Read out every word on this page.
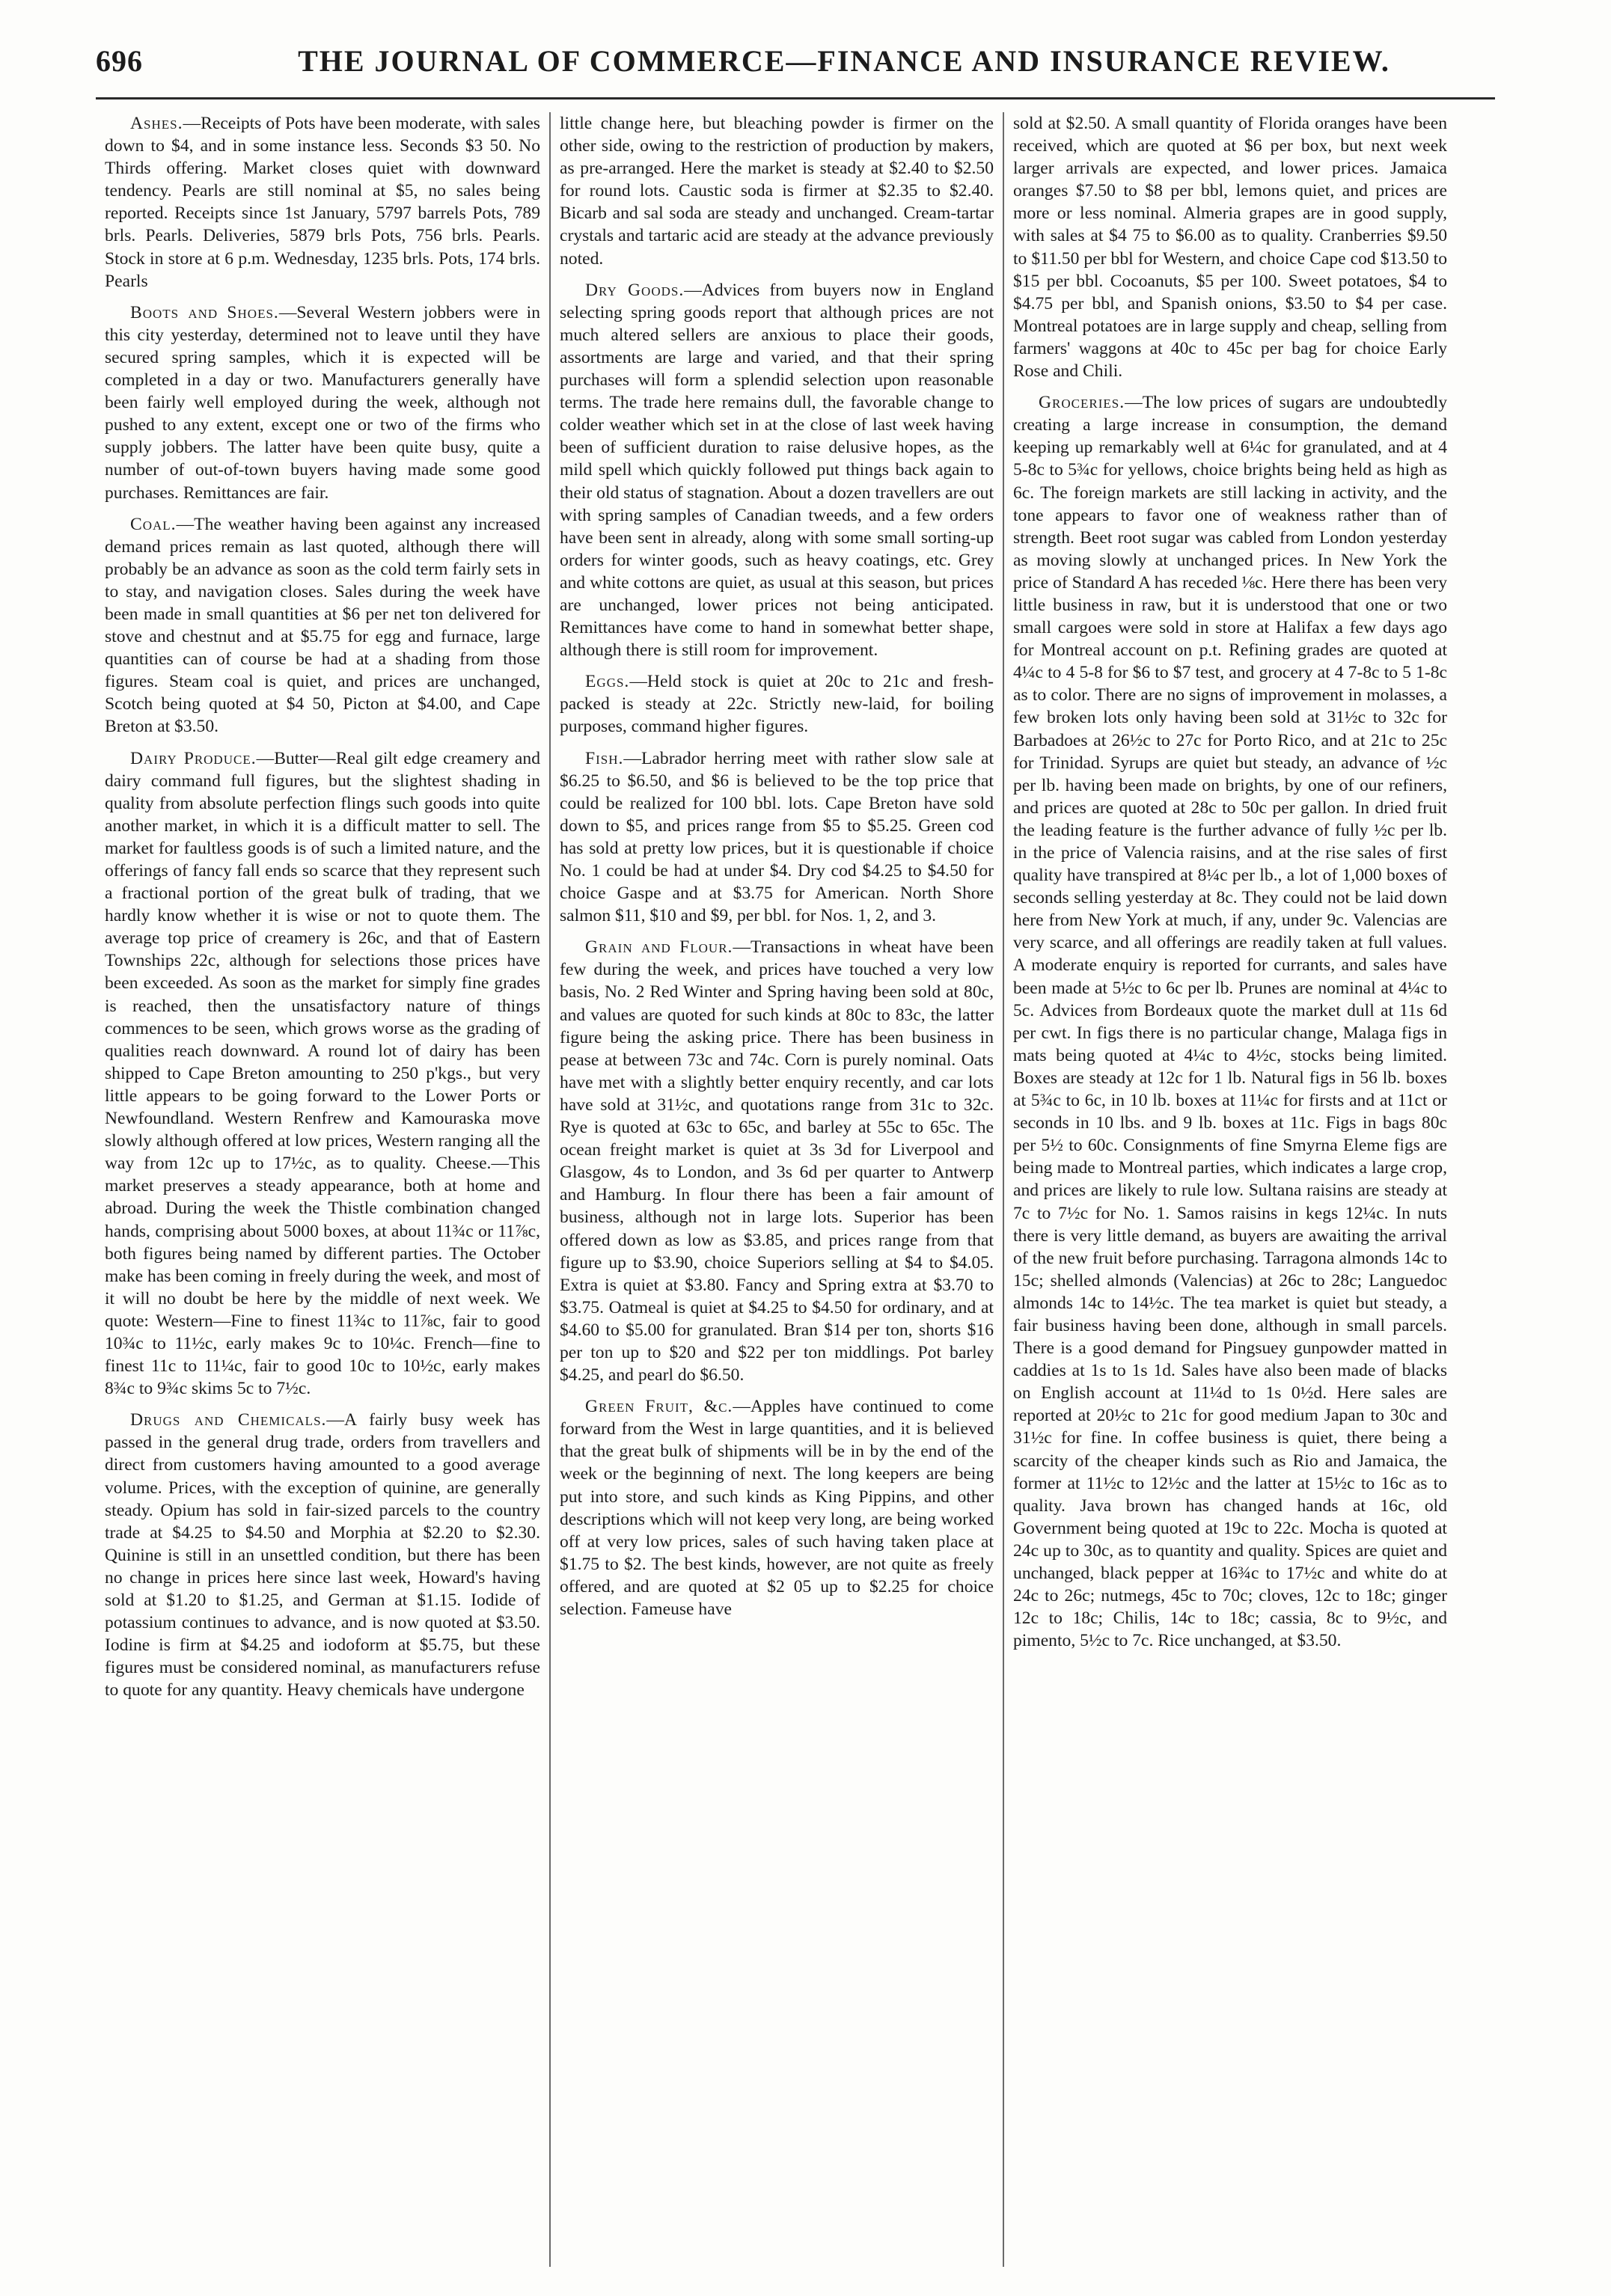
696	THE JOURNAL OF COMMERCE—FINANCE AND INSURANCE REVIEW.

Ashes.—Receipts of Pots have been moderate, with sales down to $4, and in some instance less. Seconds $3 50. No Thirds offering. Market closes quiet with downward tendency. Pearls are still nominal at $5, no sales being reported. Receipts since 1st January, 5797 barrels Pots, 789 brls. Pearls. Deliveries, 5879 brls Pots, 756 brls. Pearls. Stock in store at 6 p.m. Wednesday, 1235 brls. Pots, 174 brls. Pearls

Boots and Shoes.—Several Western jobbers were in this city yesterday, determined not to leave until they have secured spring samples, which it is expected will be completed in a day or two. Manufacturers generally have been fairly well employed during the week, although not pushed to any extent, except one or two of the firms who supply jobbers. The latter have been quite busy, quite a number of out-of-town buyers having made some good purchases. Remittances are fair.

Coal.—The weather having been against any increased demand prices remain as last quoted, although there will probably be an advance as soon as the cold term fairly sets in to stay, and navigation closes. Sales during the week have been made in small quantities at $6 per net ton delivered for stove and chestnut and at $5.75 for egg and furnace, large quantities can of course be had at a shading from those figures. Steam coal is quiet, and prices are unchanged, Scotch being quoted at $4 50, Picton at $4.00, and Cape Breton at $3.50.

Dairy Produce.—Butter—Real gilt edge creamery and dairy command full figures, but the slightest shading in quality from absolute perfection flings such goods into quite another market, in which it is a difficult matter to sell. The market for faultless goods is of such a limited nature, and the offerings of fancy fall ends so scarce that they represent such a fractional portion of the great bulk of trading, that we hardly know whether it is wise or not to quote them. The average top price of creamery is 26c, and that of Eastern Townships 22c, although for selections those prices have been exceeded. As soon as the market for simply fine grades is reached, then the unsatisfactory nature of things commences to be seen, which grows worse as the grading of qualities reach downward. A round lot of dairy has been shipped to Cape Breton amounting to 250 p'kgs., but very little appears to be going forward to the Lower Ports or Newfoundland. Western Renfrew and Kamouraska move slowly although offered at low prices, Western ranging all the way from 12c up to 17½c, as to quality. Cheese.—This market preserves a steady appearance, both at home and abroad. During the week the Thistle combination changed hands, comprising about 5000 boxes, at about 11¾c or 11⅞c, both figures being named by different parties. The October make has been coming in freely during the week, and most of it will no doubt be here by the middle of next week. We quote: Western—Fine to finest 11¾c to 11⅞c, fair to good 10¾c to 11½c, early makes 9c to 10¼c. French—fine to finest 11c to 11¼c, fair to good 10c to 10½c, early makes 8¾c to 9¾c skims 5c to 7½c.

Drugs and Chemicals.—A fairly busy week has passed in the general drug trade, orders from travellers and direct from customers having amounted to a good average volume. Prices, with the exception of quinine, are generally steady. Opium has sold in fair-sized parcels to the country trade at $4.25 to $4.50 and Morphia at $2.20 to $2.30. Quinine is still in an unsettled condition, but there has been no change in prices here since last week, Howard's having sold at $1.20 to $1.25, and German at $1.15. Iodide of potassium continues to advance, and is now quoted at $3.50. Iodine is firm at $4.25 and iodoform at $5.75, but these figures must be considered nominal, as manufacturers refuse to quote for any quantity. Heavy chemicals have undergone

little change here, but bleaching powder is firmer on the other side, owing to the restriction of production by makers, as pre-arranged. Here the market is steady at $2.40 to $2.50 for round lots. Caustic soda is firmer at $2.35 to $2.40. Bicarb and sal soda are steady and unchanged. Cream-tartar crystals and tartaric acid are steady at the advance previously noted.

Dry Goods.—Advices from buyers now in England selecting spring goods report that although prices are not much altered sellers are anxious to place their goods, assortments are large and varied, and that their spring purchases will form a splendid selection upon reasonable terms. The trade here remains dull, the favorable change to colder weather which set in at the close of last week having been of sufficient duration to raise delusive hopes, as the mild spell which quickly followed put things back again to their old status of stagnation. About a dozen travellers are out with spring samples of Canadian tweeds, and a few orders have been sent in already, along with some small sorting-up orders for winter goods, such as heavy coatings, etc. Grey and white cottons are quiet, as usual at this season, but prices are unchanged, lower prices not being anticipated. Remittances have come to hand in somewhat better shape, although there is still room for improvement.

Eggs.—Held stock is quiet at 20c to 21c and fresh-packed is steady at 22c. Strictly new-laid, for boiling purposes, command higher figures.

Fish.—Labrador herring meet with rather slow sale at $6.25 to $6.50, and $6 is believed to be the top price that could be realized for 100 bbl. lots. Cape Breton have sold down to $5, and prices range from $5 to $5.25. Green cod has sold at pretty low prices, but it is questionable if choice No. 1 could be had at under $4. Dry cod $4.25 to $4.50 for choice Gaspe and at $3.75 for American. North Shore salmon $11, $10 and $9, per bbl. for Nos. 1, 2, and 3.

Grain and Flour.—Transactions in wheat have been few during the week, and prices have touched a very low basis, No. 2 Red Winter and Spring having been sold at 80c, and values are quoted for such kinds at 80c to 83c, the latter figure being the asking price. There has been business in pease at between 73c and 74c. Corn is purely nominal. Oats have met with a slightly better enquiry recently, and car lots have sold at 31½c, and quotations range from 31c to 32c. Rye is quoted at 63c to 65c, and barley at 55c to 65c. The ocean freight market is quiet at 3s 3d for Liverpool and Glasgow, 4s to London, and 3s 6d per quarter to Antwerp and Hamburg. In flour there has been a fair amount of business, although not in large lots. Superior has been offered down as low as $3.85, and prices range from that figure up to $3.90, choice Superiors selling at $4 to $4.05. Extra is quiet at $3.80. Fancy and Spring extra at $3.70 to $3.75. Oatmeal is quiet at $4.25 to $4.50 for ordinary, and at $4.60 to $5.00 for granulated. Bran $14 per ton, shorts $16 per ton up to $20 and $22 per ton middlings. Pot barley $4.25, and pearl do $6.50.

Green Fruit, &c.—Apples have continued to come forward from the West in large quantities, and it is believed that the great bulk of shipments will be in by the end of the week or the beginning of next. The long keepers are being put into store, and such kinds as King Pippins, and other descriptions which will not keep very long, are being worked off at very low prices, sales of such having taken place at $1.75 to $2. The best kinds, however, are not quite as freely offered, and are quoted at $2 05 up to $2.25 for choice selection. Fameuse have

sold at $2.50. A small quantity of Florida oranges have been received, which are quoted at $6 per box, but next week larger arrivals are expected, and lower prices. Jamaica oranges $7.50 to $8 per bbl, lemons quiet, and prices are more or less nominal. Almeria grapes are in good supply, with sales at $4 75 to $6.00 as to quality. Cranberries $9.50 to $11.50 per bbl for Western, and choice Cape cod $13.50 to $15 per bbl. Cocoanuts, $5 per 100. Sweet potatoes, $4 to $4.75 per bbl, and Spanish onions, $3.50 to $4 per case. Montreal potatoes are in large supply and cheap, selling from farmers' waggons at 40c to 45c per bag for choice Early Rose and Chili.

Groceries.—The low prices of sugars are undoubtedly creating a large increase in consumption, the demand keeping up remarkably well at 6¼c for granulated, and at 4 5-8c to 5¾c for yellows, choice brights being held as high as 6c. The foreign markets are still lacking in activity, and the tone appears to favor one of weakness rather than of strength. Beet root sugar was cabled from London yesterday as moving slowly at unchanged prices. In New York the price of Standard A has receded ⅛c. Here there has been very little business in raw, but it is understood that one or two small cargoes were sold in store at Halifax a few days ago for Montreal account on p.t. Refining grades are quoted at 4¼c to 4 5-8 for $6 to $7 test, and grocery at 4 7-8c to 5 1-8c as to color. There are no signs of improvement in molasses, a few broken lots only having been sold at 31½c to 32c for Barbadoes at 26½c to 27c for Porto Rico, and at 21c to 25c for Trinidad. Syrups are quiet but steady, an advance of ½c per lb. having been made on brights, by one of our refiners, and prices are quoted at 28c to 50c per gallon. In dried fruit the leading feature is the further advance of fully ½c per lb. in the price of Valencia raisins, and at the rise sales of first quality have transpired at 8¼c per lb., a lot of 1,000 boxes of seconds selling yesterday at 8c. They could not be laid down here from New York at much, if any, under 9c. Valencias are very scarce, and all offerings are readily taken at full values. A moderate enquiry is reported for currants, and sales have been made at 5½c to 6c per lb. Prunes are nominal at 4¼c to 5c. Advices from Bordeaux quote the market dull at 11s 6d per cwt. In figs there is no particular change, Malaga figs in mats being quoted at 4¼c to 4½c, stocks being limited. Boxes are steady at 12c for 1 lb. Natural figs in 56 lb. boxes at 5¾c to 6c, in 10 lb. boxes at 11¼c for firsts and at 11ct or seconds in 10 lbs. and 9 lb. boxes at 11c. Figs in bags 80c per 5½ to 60c. Consignments of fine Smyrna Eleme figs are being made to Montreal parties, which indicates a large crop, and prices are likely to rule low. Sultana raisins are steady at 7c to 7½c for No. 1. Samos raisins in kegs 12¼c. In nuts there is very little demand, as buyers are awaiting the arrival of the new fruit before purchasing. Tarragona almonds 14c to 15c; shelled almonds (Valencias) at 26c to 28c; Languedoc almonds 14c to 14½c. The tea market is quiet but steady, a fair business having been done, although in small parcels. There is a good demand for Pingsuey gunpowder matted in caddies at 1s to 1s 1d. Sales have also been made of blacks on English account at 11¼d to 1s 0½d. Here sales are reported at 20½c to 21c for good medium Japan to 30c and 31½c for fine. In coffee business is quiet, there being a scarcity of the cheaper kinds such as Rio and Jamaica, the former at 11½c to 12½c and the latter at 15½c to 16c as to quality. Java brown has changed hands at 16c, old Government being quoted at 19c to 22c. Mocha is quoted at 24c up to 30c, as to quantity and quality. Spices are quiet and unchanged, black pepper at 16¾c to 17½c and white do at 24c to 26c; nutmegs, 45c to 70c; cloves, 12c to 18c; ginger 12c to 18c; Chilis, 14c to 18c; cassia, 8c to 9½c, and pimento, 5½c to 7c. Rice unchanged, at $3.50.
